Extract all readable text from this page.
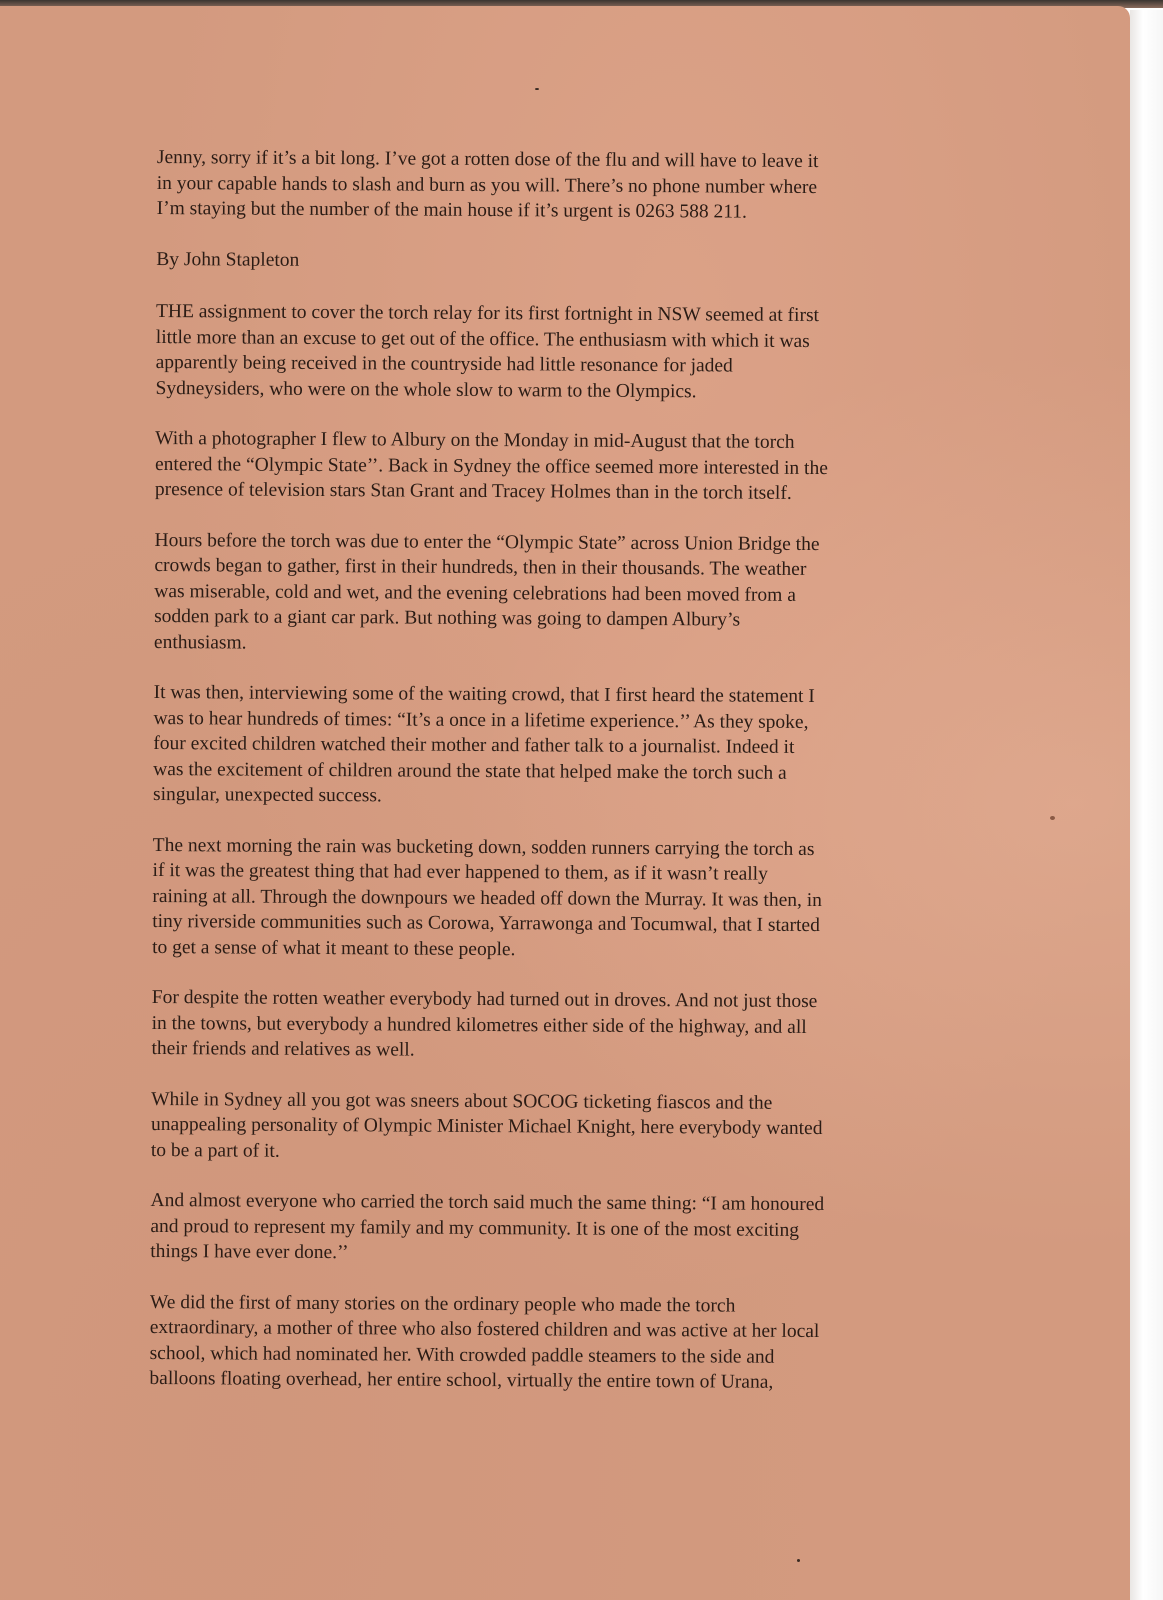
Jenny, sorry if it’s a bit long. I’ve got a rotten dose of the flu and will have to leave it
in your capable hands to slash and burn as you will. There’s no phone number where
I’m staying but the number of the main house if it’s urgent is 0263 588 211.

By John Stapleton

THE assignment to cover the torch relay for its first fortnight in NSW seemed at first
little more than an excuse to get out of the office. The enthusiasm with which it was
apparently being received in the countryside had little resonance for jaded
Sydneysiders, who were on the whole slow to warm to the Olympics.

With a photographer I flew to Albury on the Monday in mid-August that the torch
entered the “Olympic State’’. Back in Sydney the office seemed more interested in the
presence of television stars Stan Grant and Tracey Holmes than in the torch itself.

Hours before the torch was due to enter the “Olympic State” across Union Bridge the
crowds began to gather, first in their hundreds, then in their thousands. The weather
was miserable, cold and wet, and the evening celebrations had been moved from a
sodden park to a giant car park. But nothing was going to dampen Albury’s
enthusiasm.

It was then, interviewing some of the waiting crowd, that I first heard the statement I
was to hear hundreds of times: “It’s a once in a lifetime experience.’’ As they spoke,
four excited children watched their mother and father talk to a journalist. Indeed it
was the excitement of children around the state that helped make the torch such a
singular, unexpected success.

The next morning the rain was bucketing down, sodden runners carrying the torch as
if it was the greatest thing that had ever happened to them, as if it wasn’t really
raining at all. Through the downpours we headed off down the Murray. It was then, in
tiny riverside communities such as Corowa, Yarrawonga and Tocumwal, that I started
to get a sense of what it meant to these people.

For despite the rotten weather everybody had turned out in droves. And not just those
in the towns, but everybody a hundred kilometres either side of the highway, and all
their friends and relatives as well.

While in Sydney all you got was sneers about SOCOG ticketing fiascos and the
unappealing personality of Olympic Minister Michael Knight, here everybody wanted
to be a part of it.

And almost everyone who carried the torch said much the same thing: “I am honoured
and proud to represent my family and my community. It is one of the most exciting
things I have ever done.’’

We did the first of many stories on the ordinary people who made the torch
extraordinary, a mother of three who also fostered children and was active at her local
school, which had nominated her. With crowded paddle steamers to the side and
balloons floating overhead, her entire school, virtually the entire town of Urana,
